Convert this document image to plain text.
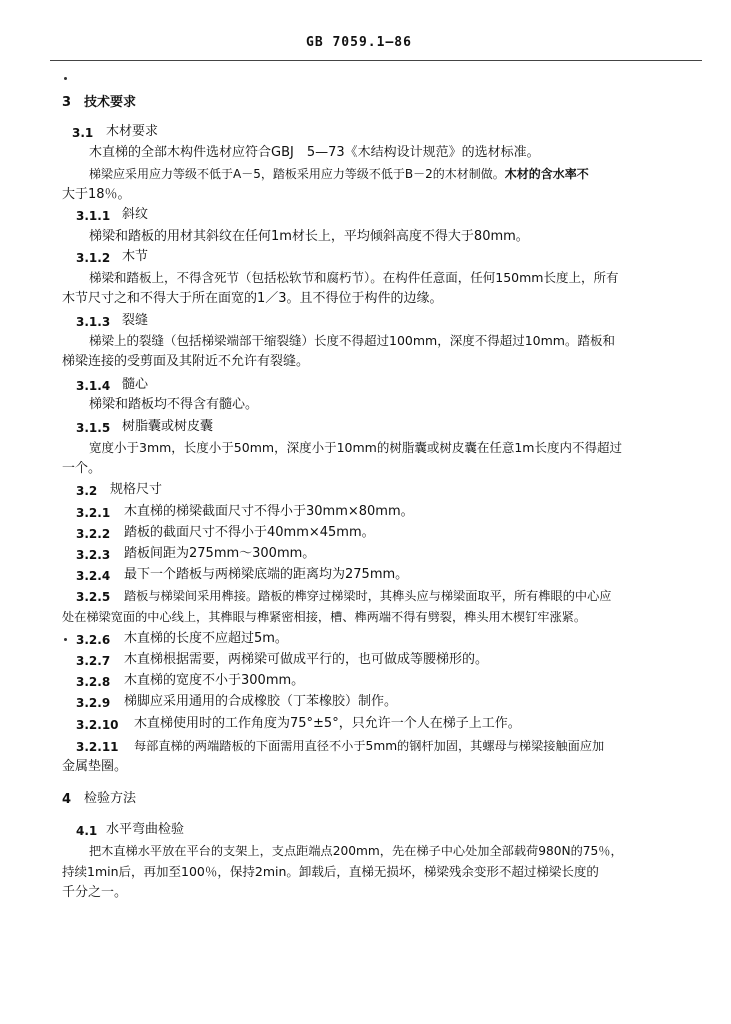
GB 7059.1—86
3 技术要求
3.1 木材要求
木直梯的全部木构件选材应符合GBJ　5—73《木结构设计规范》的选材标准。
梯梁应采用应力等级不低于A－5，踏板采用应力等级不低于B－2的木材制做。木材的含水率不
大于18％。
3.1.1 斜纹
梯梁和踏板的用材其斜纹在任何1m材长上，平均倾斜高度不得大于80mm。
3.1.2 木节
梯梁和踏板上，不得含死节（包括松软节和腐朽节）。在构件任意面，任何150mm长度上，所有
木节尺寸之和不得大于所在面宽的1／3。且不得位于构件的边缘。
3.1.3 裂缝
梯梁上的裂缝（包括梯梁端部干缩裂缝）长度不得超过100mm，深度不得超过10mm。踏板和
梯梁连接的受剪面及其附近不允许有裂缝。
3.1.4 髓心
梯梁和踏板均不得含有髓心。
3.1.5 树脂囊或树皮囊
宽度小于3mm，长度小于50mm，深度小于10mm的树脂囊或树皮囊在任意1m长度内不得超过
一个。
3.2 规格尺寸
3.2.1 木直梯的梯梁截面尺寸不得小于30mm×80mm。
3.2.2 踏板的截面尺寸不得小于40mm×45mm。
3.2.3 踏板间距为275mm～300mm。
3.2.4 最下一个踏板与两梯梁底端的距离均为275mm。
3.2.5 踏板与梯梁间采用榫接。踏板的榫穿过梯梁时，其榫头应与梯梁面取平，所有榫眼的中心应
处在梯梁宽面的中心线上，其榫眼与榫紧密相接，槽、榫两端不得有劈裂，榫头用木楔钉牢涨紧。
3.2.6 木直梯的长度不应超过5m。
3.2.7 木直梯根据需要，两梯梁可做成平行的，也可做成等腰梯形的。
3.2.8 木直梯的宽度不小于300mm。
3.2.9 梯脚应采用通用的合成橡胶（丁苯橡胶）制作。
3.2.10 木直梯使用时的工作角度为75°±5°，只允许一个人在梯子上工作。
3.2.11 每部直梯的两端踏板的下面需用直径不小于5mm的钢杆加固，其螺母与梯梁接触面应加
金属垫圈。
4 检验方法
4.1 水平弯曲检验
把木直梯水平放在平台的支架上，支点距端点200mm，先在梯子中心处加全部载荷980N的75％，
持续1min后，再加至100％，保持2min。卸载后，直梯无损坏，梯梁残余变形不超过梯梁长度的
千分之一。
